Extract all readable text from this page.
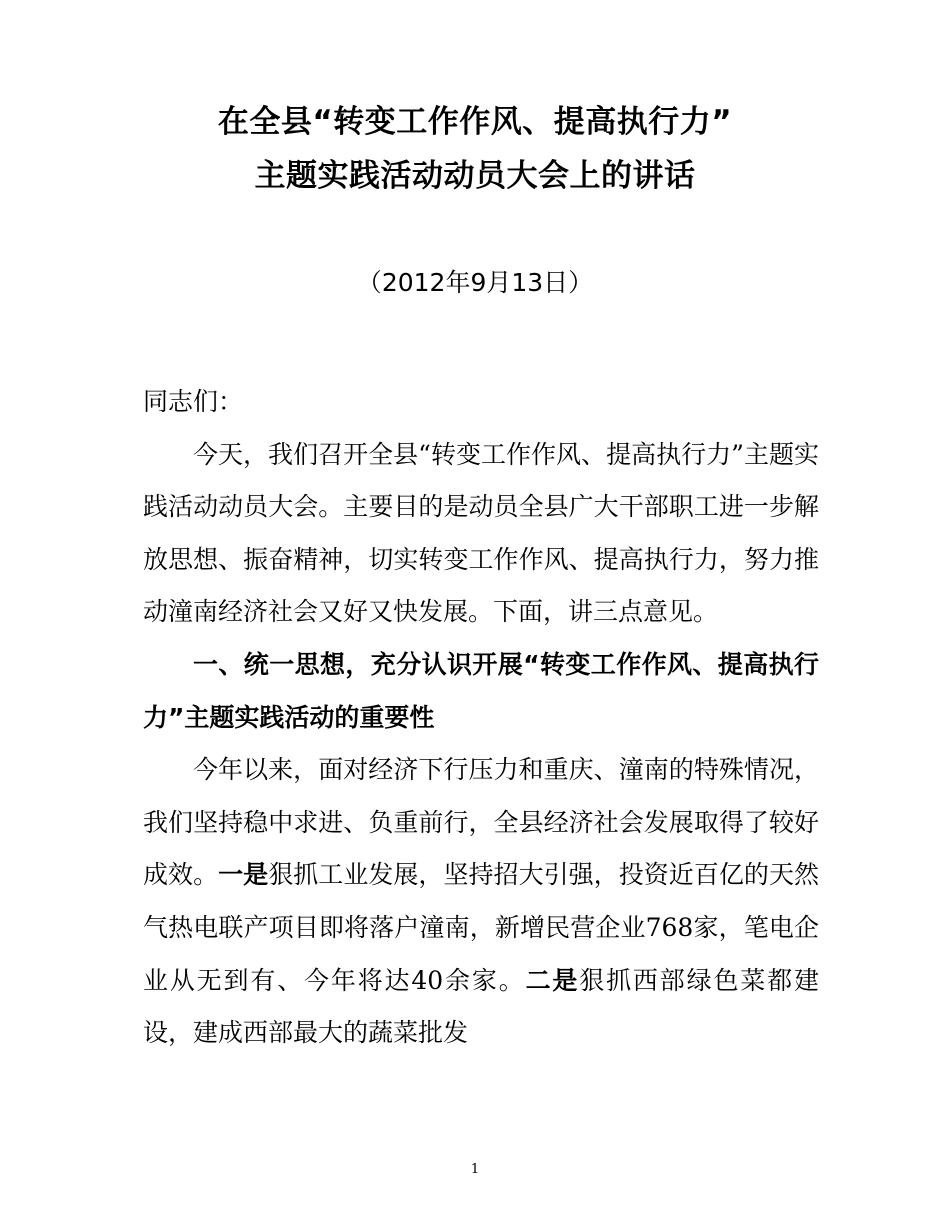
在全县“转变工作作风、提高执行力”
主题实践活动动员大会上的讲话
（2012年9月13日）

同志们：

今天，我们召开全县“转变工作作风、提高执行力”主题实践活动动员大会。主要目的是动员全县广大干部职工进一步解放思想、振奋精神，切实转变工作作风、提高执行力，努力推动潼南经济社会又好又快发展。下面，讲三点意见。

一、统一思想，充分认识开展“转变工作作风、提高执行力”主题实践活动的重要性

今年以来，面对经济下行压力和重庆、潼南的特殊情况，我们坚持稳中求进、负重前行，全县经济社会发展取得了较好成效。一是狠抓工业发展，坚持招大引强，投资近百亿的天然气热电联产项目即将落户潼南，新增民营企业768家，笔电企业从无到有、今年将达40余家。二是狠抓西部绿色菜都建设，建成西部最大的蔬菜批发

1
